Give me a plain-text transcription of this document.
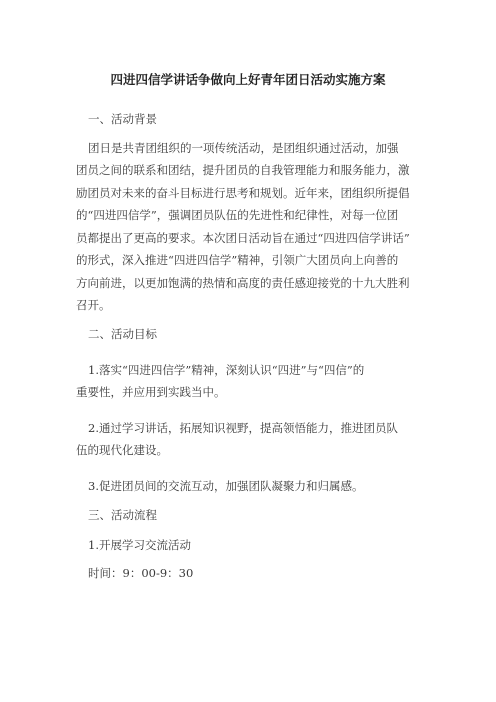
四进四信学讲话争做向上好青年团日活动实施方案
一、活动背景
团日是共青团组织的一项传统活动，是团组织通过活动，加强
团员之间的联系和团结，提升团员的自我管理能力和服务能力，激
励团员对未来的奋斗目标进行思考和规划。近年来，团组织所提倡
的“四进四信学”，强调团员队伍的先进性和纪律性，对每一位团
员都提出了更高的要求。本次团日活动旨在通过“四进四信学讲话”
的形式，深入推进“四进四信学”精神，引领广大团员向上向善的
方向前进，以更加饱满的热情和高度的责任感迎接党的十九大胜利
召开。
二、活动目标
1.落实“四进四信学”精神，深刻认识“四进”与“四信”的
重要性，并应用到实践当中。
2.通过学习讲话，拓展知识视野，提高领悟能力，推进团员队
伍的现代化建设。
3.促进团员间的交流互动，加强团队凝聚力和归属感。
三、活动流程
1.开展学习交流活动
时间：9：00-9：30
